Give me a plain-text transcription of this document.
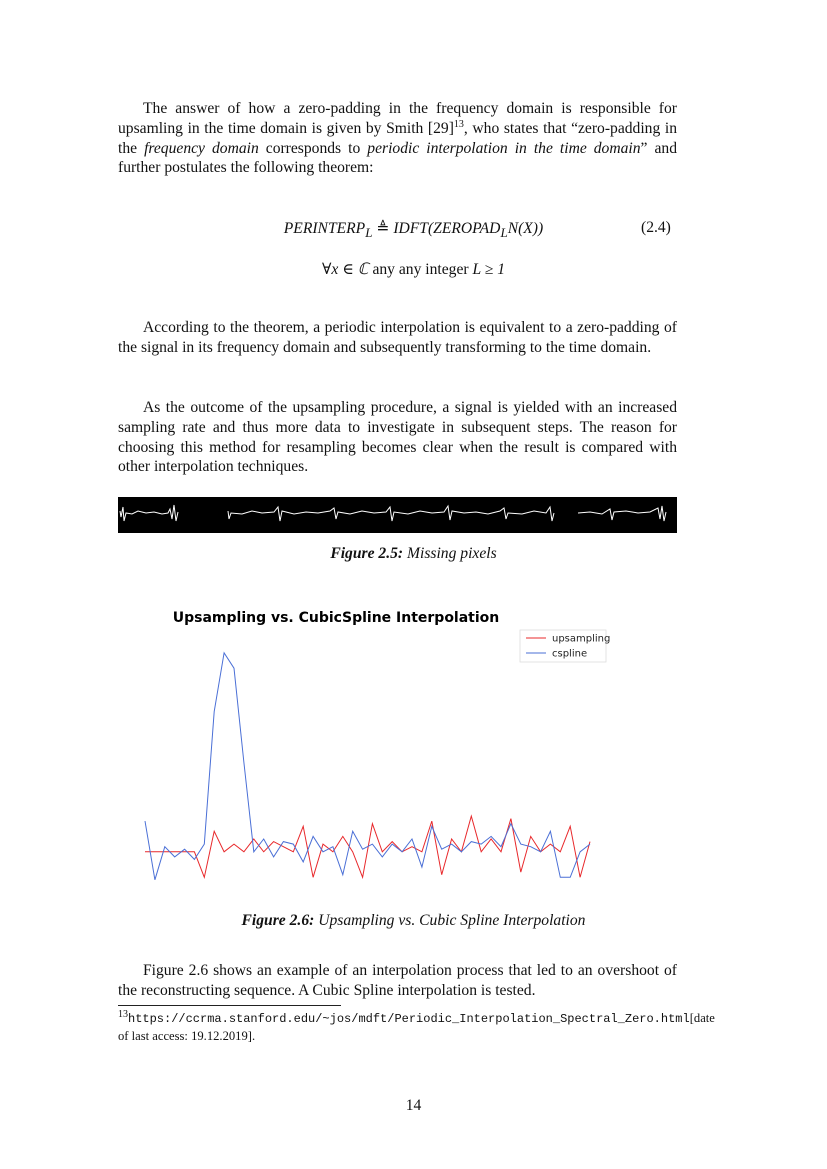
The answer of how a zero-padding in the frequency domain is responsible for upsamling in the time domain is given by Smith $[29]^{13}$, who states that “zero-padding in the frequency domain corresponds to periodic interpolation in the time domain” and further postulates the following theorem:

$PERINTERP_L$ ≜ $IDFT(ZEROPAD_LN(X))$	(2.4)
∀x ∈ ℂ any any integer L ≥ 1

According to the theorem, a periodic interpolation is equivalent to a zero-padding of the signal in its frequency domain and subsequently transforming to the time domain.

As the outcome of the upsampling procedure, a signal is yielded with an increased sampling rate and thus more data to investigate in subsequent steps. The reason for choosing this method for resampling becomes clear when the result is compared with other interpolation techniques.

Figure 2.5: Missing pixels
Upsampling vs. CubicSpline Interpolation
upsampling
cspline
Figure 2.6: Upsampling vs. Cubic Spline Interpolation

Figure 2.6 shows an example of an interpolation process that led to an overshoot of the reconstructing sequence. A Cubic Spline interpolation is tested.

$^{13}$https://ccrma.stanford.edu/~jos/mdft/Periodic_Interpolation_Spectral_Zero.html[date of last access: 19.12.2019].

14
